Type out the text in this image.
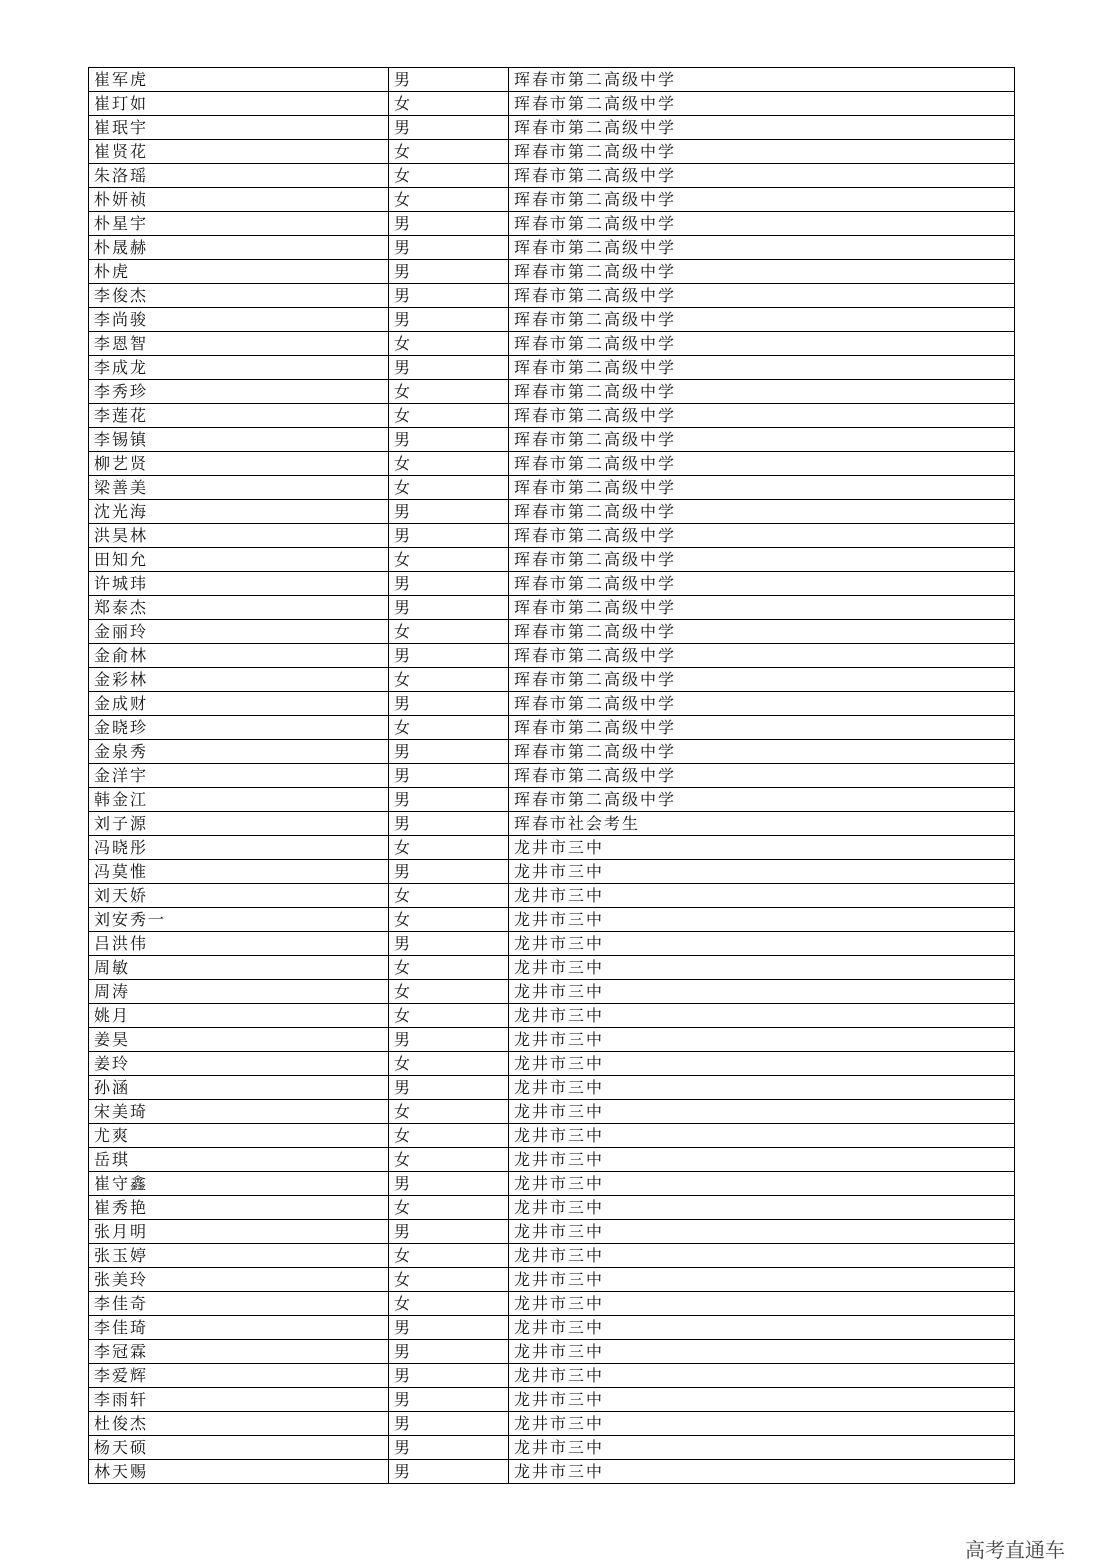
崔军虎	男	珲春市第二高级中学
崔玎如	女	珲春市第二高级中学
崔珉宇	男	珲春市第二高级中学
崔贤花	女	珲春市第二高级中学
朱洛瑶	女	珲春市第二高级中学
朴妍祯	女	珲春市第二高级中学
朴星宇	男	珲春市第二高级中学
朴晟赫	男	珲春市第二高级中学
朴虎	男	珲春市第二高级中学
李俊杰	男	珲春市第二高级中学
李尚骏	男	珲春市第二高级中学
李恩智	女	珲春市第二高级中学
李成龙	男	珲春市第二高级中学
李秀珍	女	珲春市第二高级中学
李莲花	女	珲春市第二高级中学
李锡镇	男	珲春市第二高级中学
柳艺贤	女	珲春市第二高级中学
梁善美	女	珲春市第二高级中学
沈光海	男	珲春市第二高级中学
洪昊林	男	珲春市第二高级中学
田知允	女	珲春市第二高级中学
许城玮	男	珲春市第二高级中学
郑泰杰	男	珲春市第二高级中学
金丽玲	女	珲春市第二高级中学
金俞林	男	珲春市第二高级中学
金彩林	女	珲春市第二高级中学
金成财	男	珲春市第二高级中学
金晓珍	女	珲春市第二高级中学
金泉秀	男	珲春市第二高级中学
金洋宇	男	珲春市第二高级中学
韩金江	男	珲春市第二高级中学
刘子源	男	珲春市社会考生
冯晓彤	女	龙井市三中
冯莫惟	男	龙井市三中
刘天娇	女	龙井市三中
刘安秀一	女	龙井市三中
吕洪伟	男	龙井市三中
周敏	女	龙井市三中
周涛	女	龙井市三中
姚月	女	龙井市三中
姜昊	男	龙井市三中
姜玲	女	龙井市三中
孙涵	男	龙井市三中
宋美琦	女	龙井市三中
尤爽	女	龙井市三中
岳琪	女	龙井市三中
崔守鑫	男	龙井市三中
崔秀艳	女	龙井市三中
张月明	男	龙井市三中
张玉婷	女	龙井市三中
张美玲	女	龙井市三中
李佳奇	女	龙井市三中
李佳琦	男	龙井市三中
李冠霖	男	龙井市三中
李爱辉	男	龙井市三中
李雨轩	男	龙井市三中
杜俊杰	男	龙井市三中
杨天硕	男	龙井市三中
林天赐	男	龙井市三中
高考直通车
